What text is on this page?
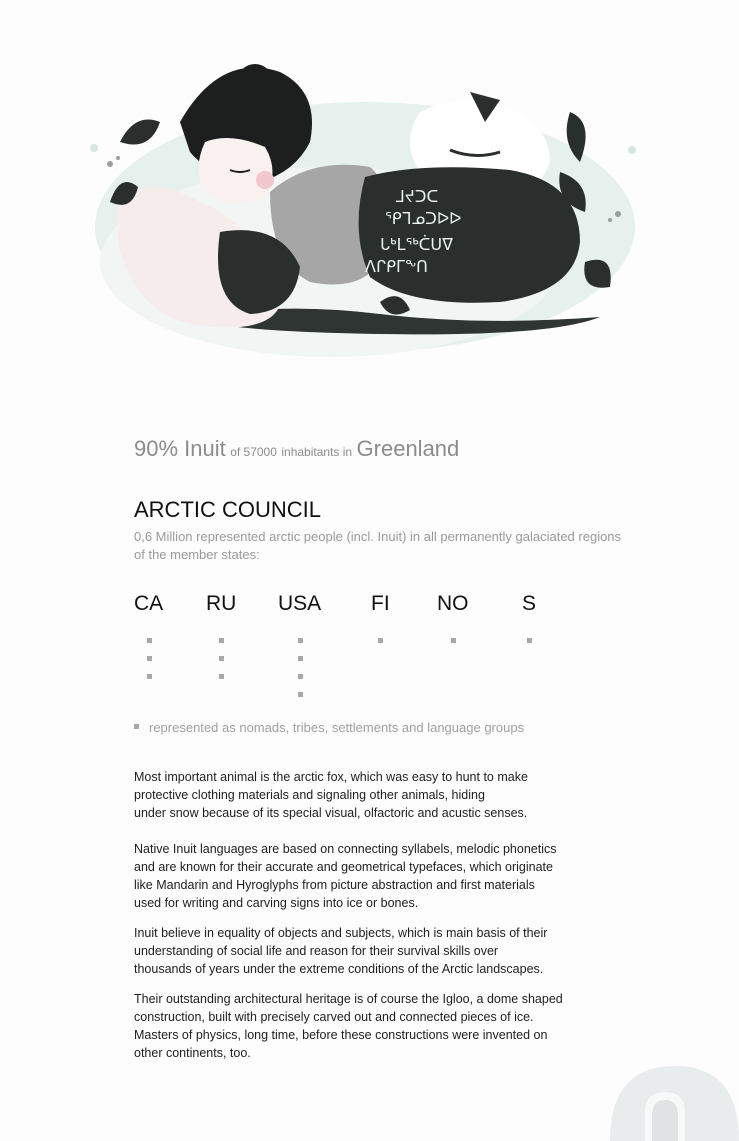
ᒧᔪᑐᑕ
ᕿᒣᓄᑐᐅᐅ
ᒐᒃᒪᖅᑖᑌᐁ
ᐱᒋᑭᒥᖕᑎ
90% Inuit of 57000 inhabitants in Greenland
ARCTIC COUNCIL
0,6 Million represented arctic people (incl. Inuit) in all permanently galaciated regions of the member states:
CA RU USA FI NO	S
represented as nomads, tribes, settlements and language groups
Most important animal is the arctic fox, which was easy to hunt to make
protective clothing materials and signaling other animals, hiding
under snow because of its special visual, olfactoric and acustic senses.
Native Inuit languages are based on connecting syllabels, melodic phonetics
and are known for their accurate and geometrical typefaces, which originate
like Mandarin and Hyroglyphs from picture abstraction and first materials
used for writing and carving signs into ice or bones.
Inuit believe in equality of objects and subjects, which is main basis of their
understanding of social life and reason for their survival skills over
thousands of years under the extreme conditions of the Arctic landscapes.
Their outstanding architectural heritage is of course the Igloo, a dome shaped
construction, built with precisely carved out and connected pieces of ice.
Masters of physics, long time, before these constructions were invented on
other continents, too.
